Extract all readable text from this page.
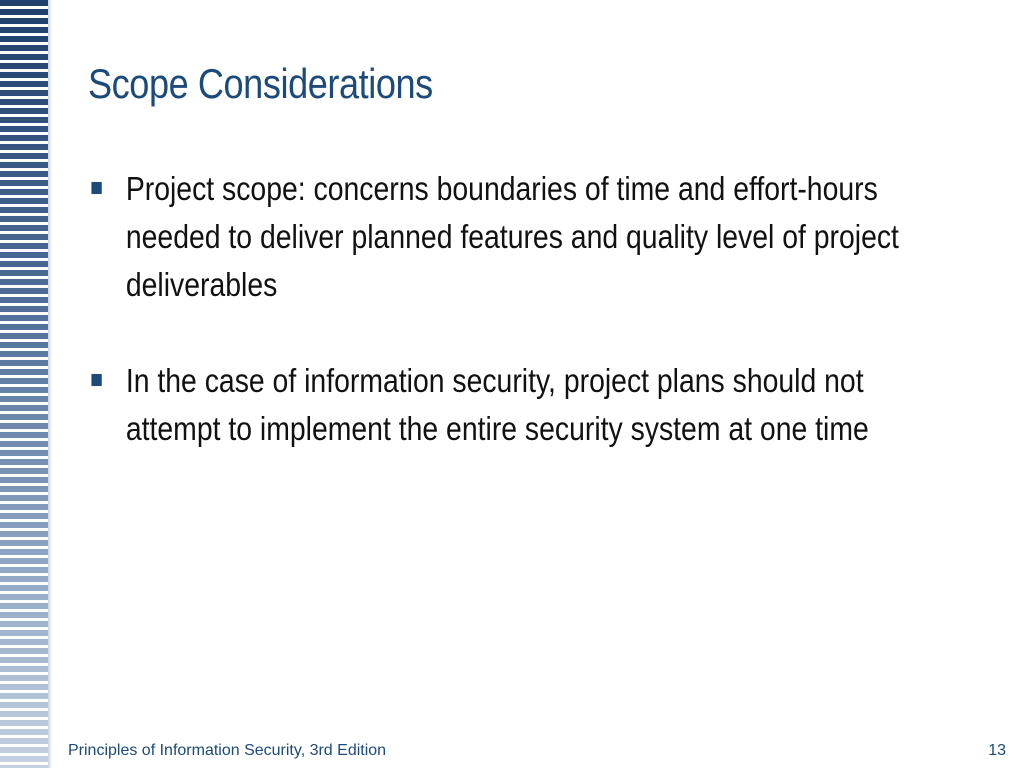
Scope Considerations
Project scope: concerns boundaries of time and effort-hours needed to deliver planned features and quality level of project deliverables
In the case of information security, project plans should not attempt to implement the entire security system at one time
Principles of Information Security, 3rd Edition	13
